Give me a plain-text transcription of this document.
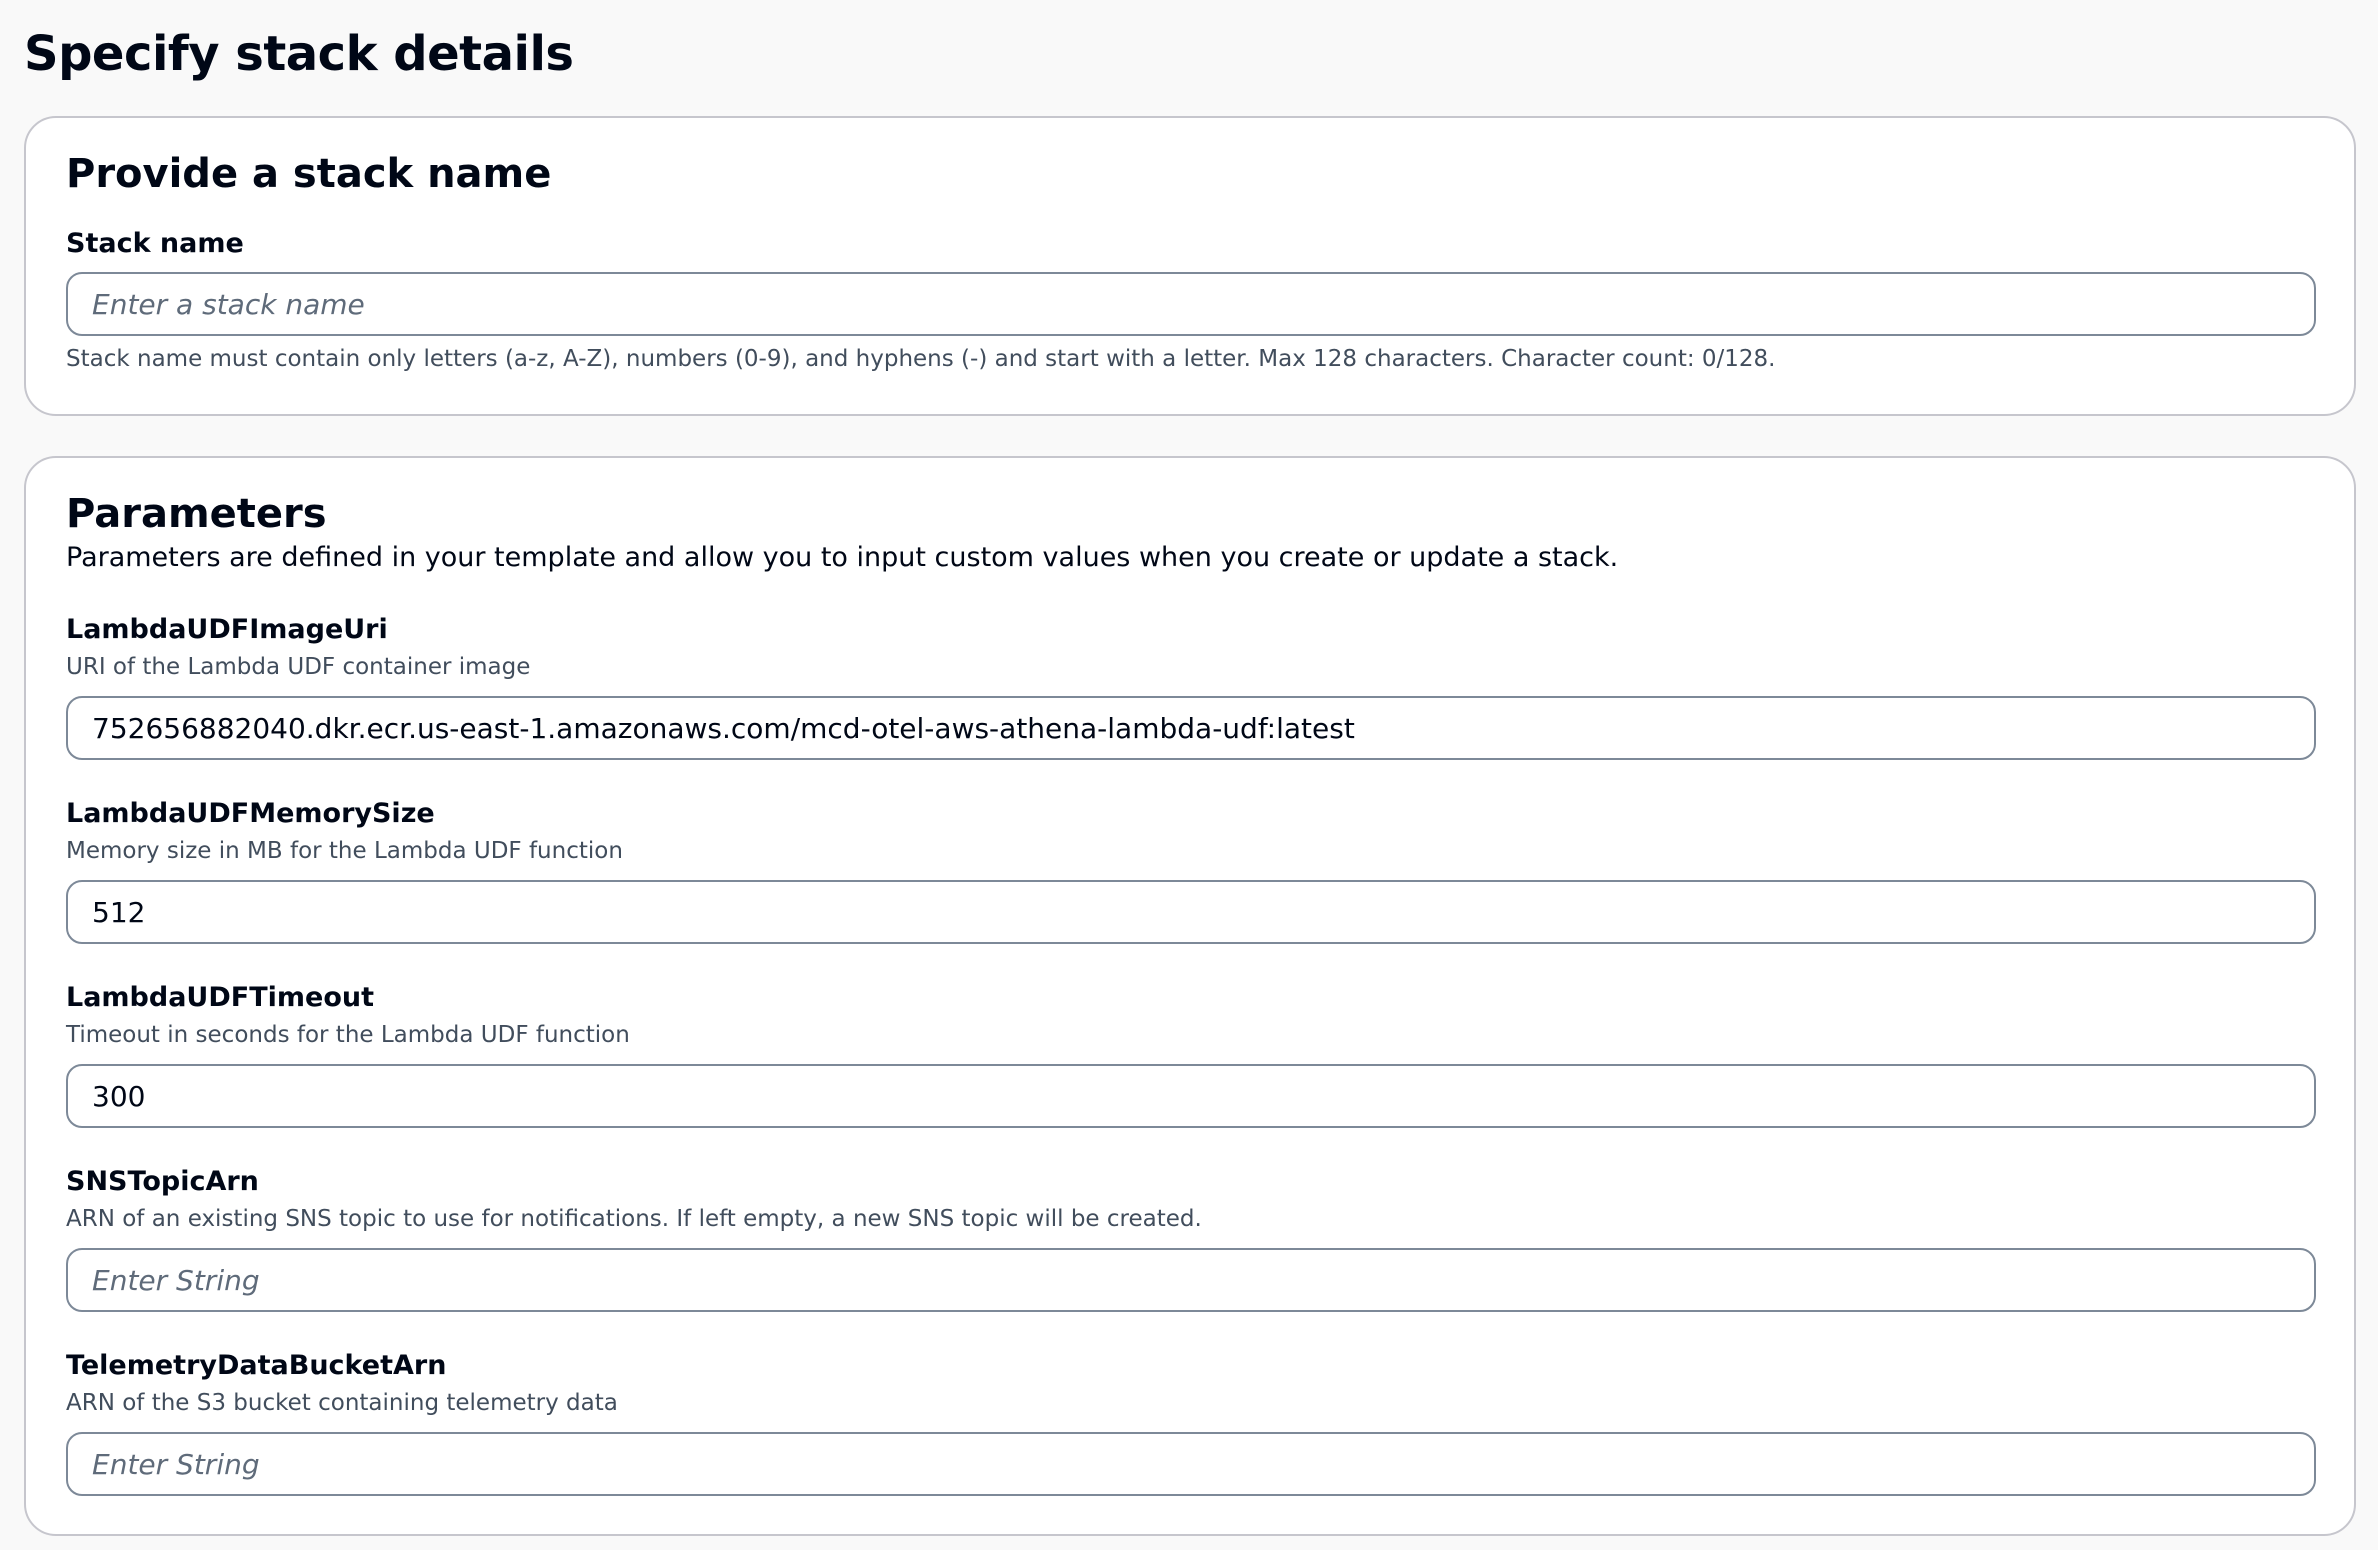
Specify stack details
Provide a stack name
Stack name
Enter a stack name
Stack name must contain only letters (a-z, A-Z), numbers (0-9), and hyphens (-) and start with a letter. Max 128 characters. Character count: 0/128.
Parameters

Parameters are defined in your template and allow you to input custom values when you create or update a stack.

LambdaUDFImageUri
URI of the Lambda UDF container image
752656882040.dkr.ecr.us-east-1.amazonaws.com/mcd-otel-aws-athena-lambda-udf:latest
LambdaUDFMemorySize
Memory size in MB for the Lambda UDF function
512
LambdaUDFTimeout
Timeout in seconds for the Lambda UDF function
300
SNSTopicArn
ARN of an existing SNS topic to use for notifications. If left empty, a new SNS topic will be created.
Enter String
TelemetryDataBucketArn
ARN of the S3 bucket containing telemetry data
Enter String
